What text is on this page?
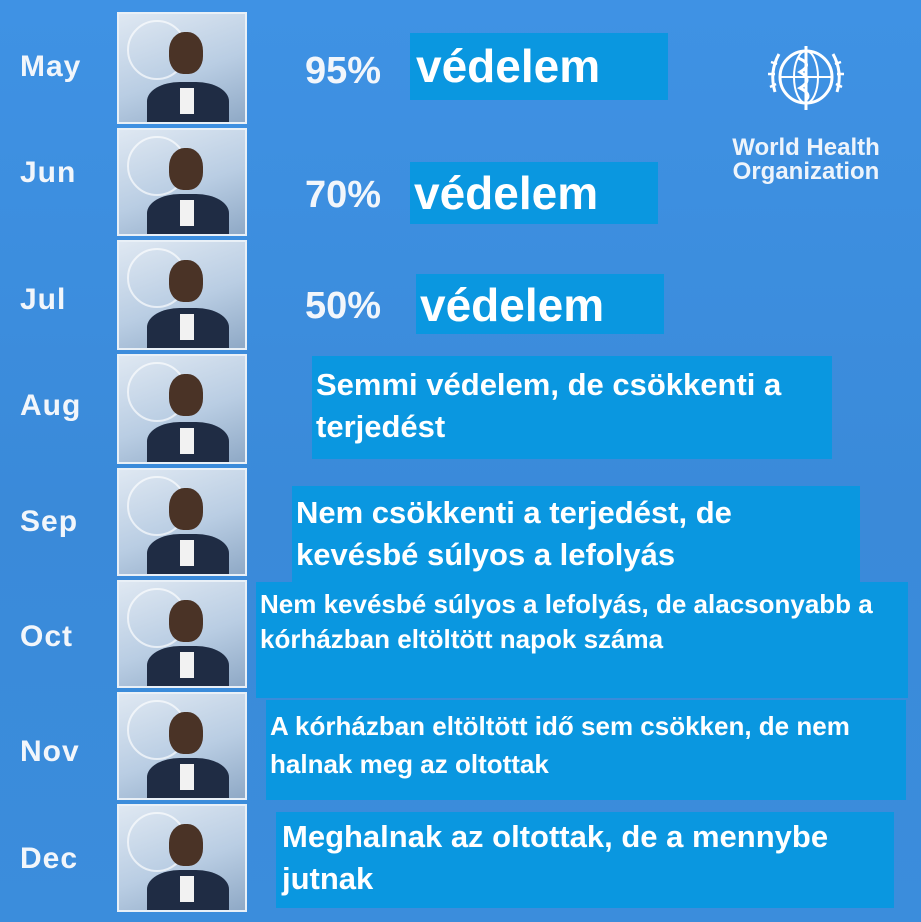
May
Jun
Jul
Aug
Sep
Oct
Nov
Dec
95%
70%
50%
védelem
védelem
védelem
Semmi védelem, de csökkenti a terjedést
Nem csökkenti a terjedést, de kevésbé súlyos a lefolyás
Nem kevésbé súlyos a lefolyás, de alacsonyabb a kórházban eltöltött napok száma
A kórházban eltöltött idő sem csökken, de nem halnak meg az oltottak
Meghalnak az oltottak, de a mennybe jutnak
World Health
Organization
